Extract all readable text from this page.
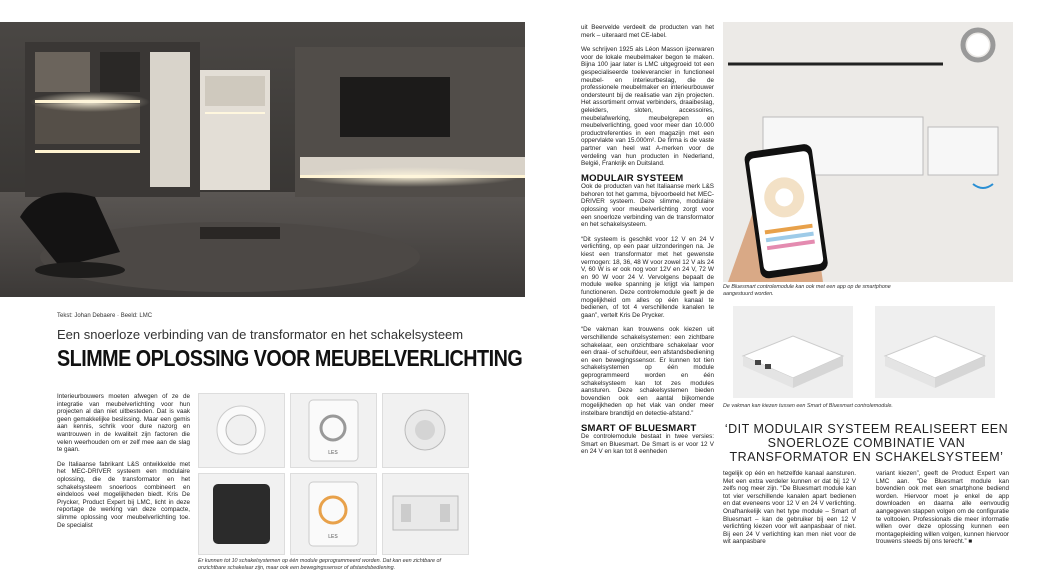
Tekst: Johan Debaere · Beeld: LMC
Een snoerloze verbinding van de transformator en het schakelsysteem
SLIMME OPLOSSING VOOR MEUBELVERLICHTING

Interieurbouwers moeten afwegen of ze de integratie van meubelverlichting voor hun projecten al dan niet uitbesteden. Dat is vaak geen gemakkelijke beslissing. Maar een gemis aan kennis, schrik voor dure nazorg en wantrouwen in de kwaliteit zijn factoren die velen weerhouden om er zelf mee aan de slag te gaan.

De Italiaanse fabrikant L&S ontwikkelde met het MEC-DRIVER systeem een modulaire oplossing, die de transformator en het schakelsysteem snoerloos combineert en eindeloos veel mogelijkheden biedt. Kris De Prycker, Product Expert bij LMC, licht in deze reportage de werking van deze compacte, slimme oplossing voor meubelverlichting toe. De specialist

LES
LES
Er kunnen tot 10 schakelsystemen op één module geprogrammeerd worden. Dat kan een zichtbare of onzichtbare schakelaar zijn, maar ook een bewegingssensor of afstandsbediening.

uit Beervelde verdeelt de producten van het merk – uiteraard met CE-label.

We schrijven 1925 als Léon Masson ijzerwaren voor de lokale meubelmaker begon te maken. Bijna 100 jaar later is LMC uitgegroeid tot een gespecialiseerde toeleverancier in functioneel meubel- en interieurbeslag, die de professionele meubelmaker en interieurbouwer ondersteunt bij de realisatie van zijn projecten. Het assortiment omvat verbinders, draaibeslag, geleiders, sloten, accessoires, meubelafwerking, meubelgrepen en meubelverlichting, goed voor meer dan 10.000 productreferenties in een magazijn met een oppervlakte van 15.000m². De firma is de vaste partner van heel wat A-merken voor de verdeling van hun producten in Nederland, België, Frankrijk en Duitsland.

MODULAIR SYSTEEM

Ook de producten van het Italiaanse merk L&S behoren tot het gamma, bijvoorbeeld het MEC-DRIVER systeem. Deze slimme, modulaire oplossing voor meubelverlichting zorgt voor een snoerloze verbinding van de transformator en het schakelsysteem.

“Dit systeem is geschikt voor 12 V en 24 V verlichting, op een paar uitzonderingen na. Je kiest een transformator met het gewenste vermogen: 18, 36, 48 W voor zowel 12 V als 24 V, 60 W is er ook nog voor 12V en 24 V, 72 W en 90 W voor 24 V. Vervolgens bepaalt de module welke spanning je krijgt via lampen functioneren. Deze controlemodule geeft je de mogelijkheid om alles op één kanaal te bedienen, of tot 4 verschillende kanalen te gaan”, vertelt Kris De Prycker.

“De vakman kan trouwens ook kiezen uit verschillende schakelsystemen: een zichtbare schakelaar, een onzichtbare schakelaar voor een draai- of schuifdeur, een afstandsbediening en een bewegingssensor. Er kunnen tot tien schakelsystemen op één module geprogrammeerd worden en één schakelsysteem kan tot zes modules aansturen. Deze schakelsystemen bieden bovendien ook een aantal bijkomende mogelijkheden op het vlak van onder meer instelbare brandtijd en detectie-afstand.”

SMART OF BLUESMART

De controlemodule bestaat in twee versies: Smart en Bluesmart. De Smart is er voor 12 V en 24 V en kan tot 8 eenheden

De Bluesmart controlemodule kan ook met een app op de smartphone aangestuurd worden.
De vakman kan kiezen tussen een Smart of Bluesmart controlemodule.
‘DIT MODULAIR SYSTEEM REALISEERT EEN SNOERLOZE COMBINATIE VAN TRANSFORMATOR EN SCHAKELSYSTEEM’
tegelijk op één en hetzelfde kanaal aansturen. Met een extra verdeler kunnen er dat bij 12 V zelfs nog meer zijn. “De Bluesmart module kan tot vier verschillende kanalen apart bedienen en dat eveneens voor 12 V en 24 V verlichting. Onafhankelijk van het type module – Smart of Bluesmart – kan de gebruiker bij een 12 V verlichting kiezen voor wit aanpasbaar of niet. Bij een 24 V verlichting kan men niet voor de wit aanpasbare
variant kiezen”, geeft de Product Expert van LMC aan. “De Bluesmart module kan bovendien ook met een smartphone bediend worden. Hiervoor moet je enkel de app downloaden en daarna alle eenvoudig aangegeven stappen volgen om de configuratie te voltooien. Professionals die meer informatie willen over deze oplossing kunnen een montagepleiding willen volgen, kunnen hiervoor trouwens steeds bij ons terecht.” ■
